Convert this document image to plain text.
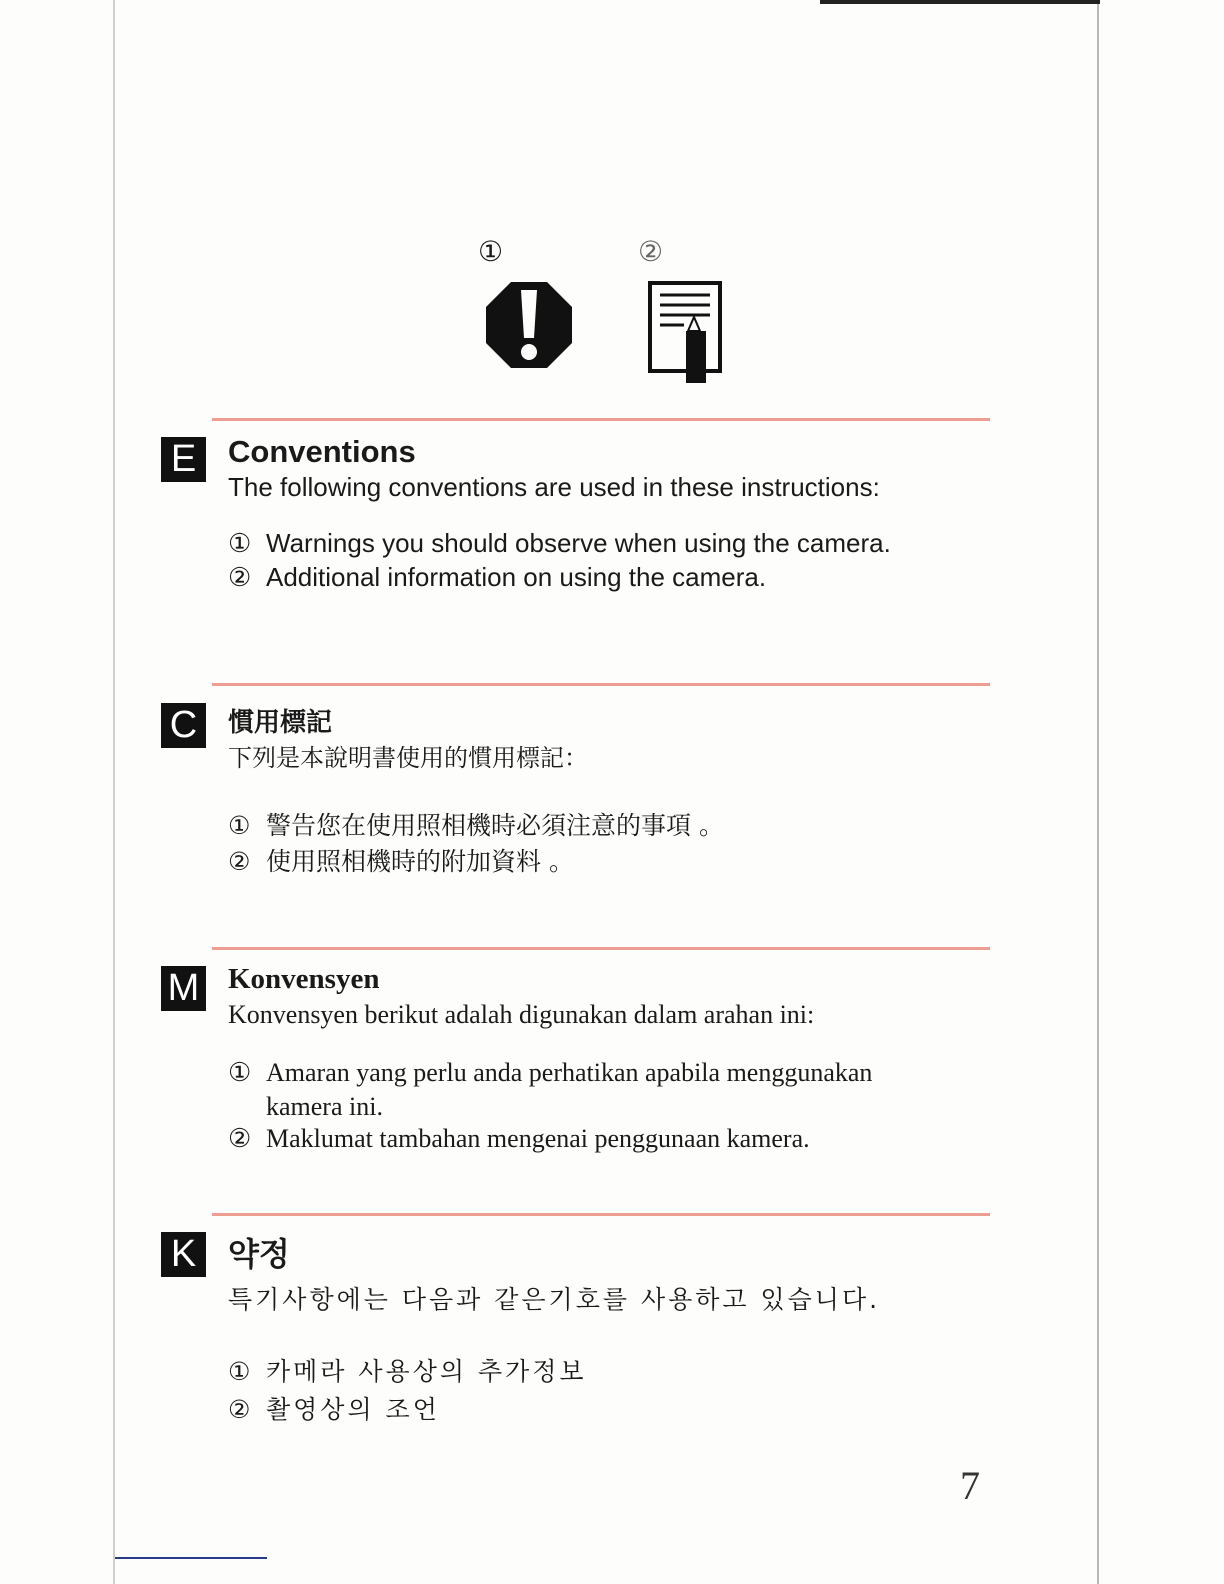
①	②
E	Conventions
The following conventions are used in these instructions:
① Warnings you should observe when using the camera.
② Additional information on using the camera.
C	慣用標記
下列是本說明書使用的慣用標記：
① 警告您在使用照相機時必須注意的事項 。
② 使用照相機時的附加資料 。
M Konvensyen
Konvensyen berikut adalah digunakan dalam arahan ini:
① Amaran yang perlu anda perhatikan apabila menggunakan
kamera ini.
② Maklumat tambahan mengenai penggunaan kamera.
K 약정
특기사항에는 다음과 같은기호를 사용하고 있습니다.
① 카메라 사용상의 추가정보
② 촬영상의 조언
7
